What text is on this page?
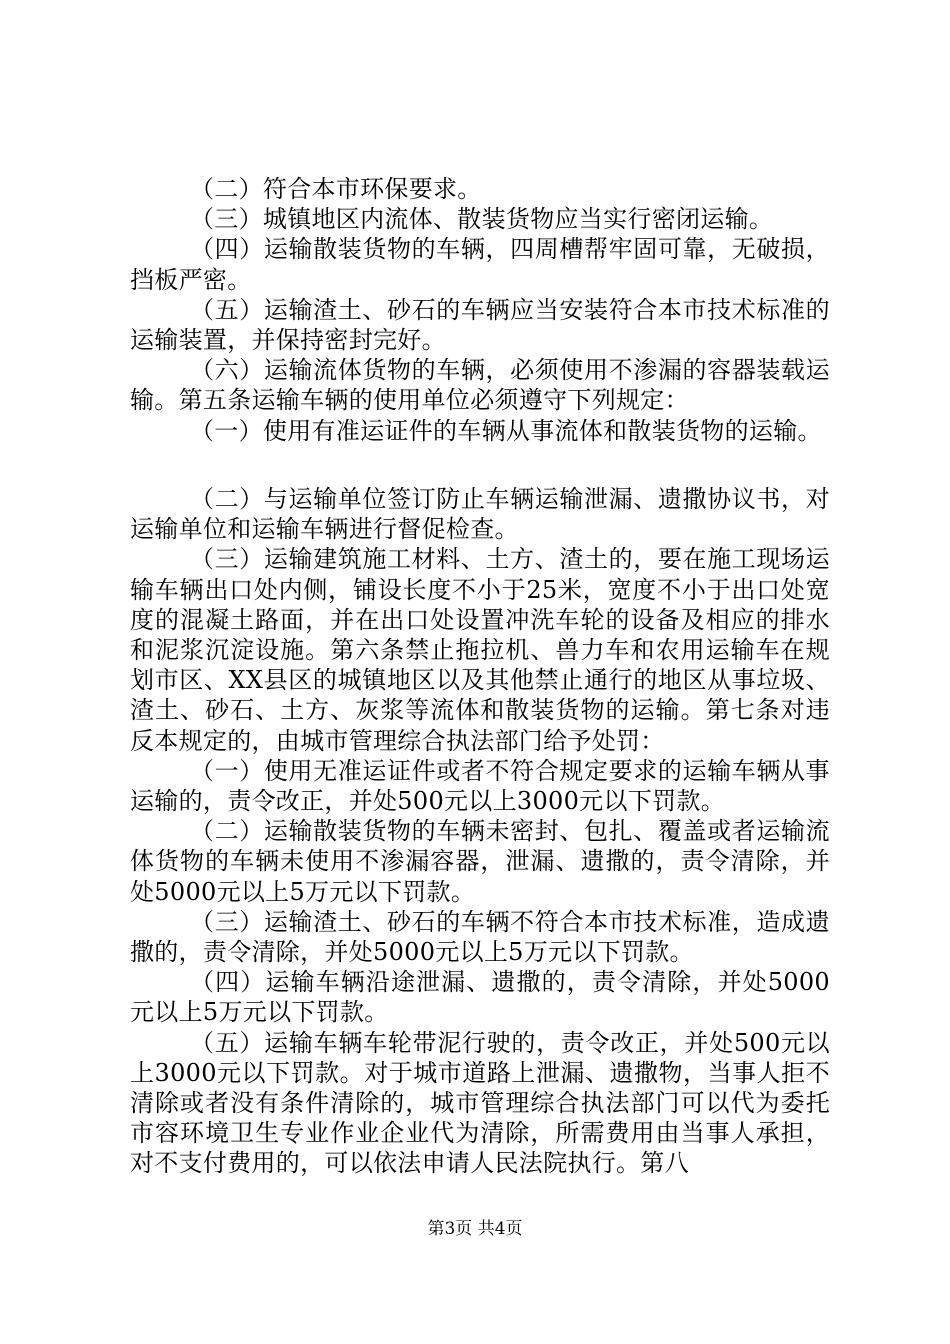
（二）符合本市环保要求。

（三）城镇地区内流体、散装货物应当实行密闭运输。

（四）运输散装货物的车辆，四周槽帮牢固可靠，无破损，挡板严密。

（五）运输渣土、砂石的车辆应当安装符合本市技术标准的运输装置，并保持密封完好。

（六）运输流体货物的车辆，必须使用不渗漏的容器装载运输。第五条运输车辆的使用单位必须遵守下列规定：

（一）使用有准运证件的车辆从事流体和散装货物的运输。

（二）与运输单位签订防止车辆运输泄漏、遗撒协议书，对运输单位和运输车辆进行督促检查。

（三）运输建筑施工材料、土方、渣土的，要在施工现场运输车辆出口处内侧，铺设长度不小于25米，宽度不小于出口处宽度的混凝土路面，并在出口处设置冲洗车轮的设备及相应的排水和泥浆沉淀设施。第六条禁止拖拉机、兽力车和农用运输车在规划市区、XX县区的城镇地区以及其他禁止通行的地区从事垃圾、渣土、砂石、土方、灰浆等流体和散装货物的运输。第七条对违反本规定的，由城市管理综合执法部门给予处罚：

（一）使用无准运证件或者不符合规定要求的运输车辆从事运输的，责令改正，并处500元以上3000元以下罚款。

（二）运输散装货物的车辆未密封、包扎、覆盖或者运输流体货物的车辆未使用不渗漏容器，泄漏、遗撒的，责令清除，并处5000元以上5万元以下罚款。

（三）运输渣土、砂石的车辆不符合本市技术标准，造成遗撒的，责令清除，并处5000元以上5万元以下罚款。

（四）运输车辆沿途泄漏、遗撒的，责令清除，并处5000元以上5万元以下罚款。

（五）运输车辆车轮带泥行驶的，责令改正，并处500元以上3000元以下罚款。对于城市道路上泄漏、遗撒物，当事人拒不清除或者没有条件清除的，城市管理综合执法部门可以代为委托市容环境卫生专业作业企业代为清除，所需费用由当事人承担，对不支付费用的，可以依法申请人民法院执行。第八

第3页 共4页
